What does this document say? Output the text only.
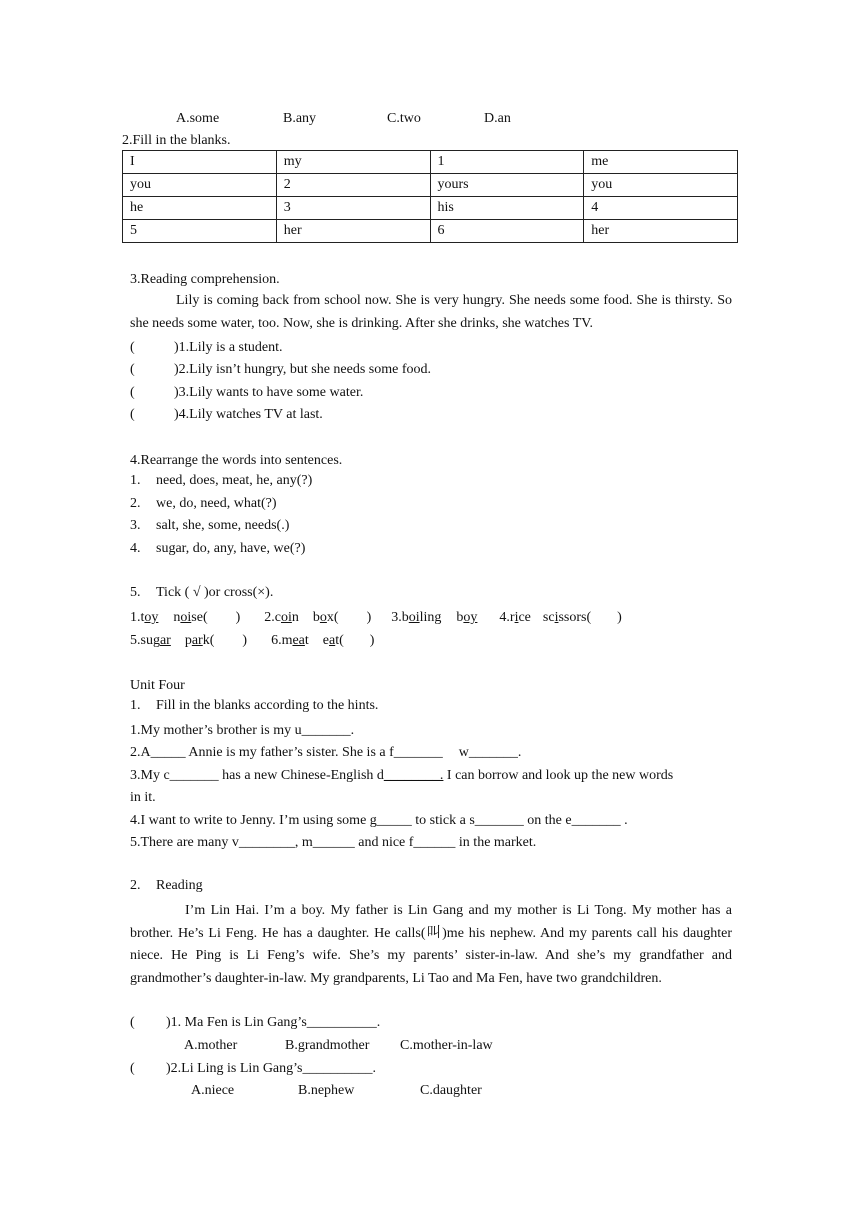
A.some	B.any	C.two	D.an
2.Fill in the blanks.
I	my	1	me
you	2	yours	you
he	3	his	4
5	her	6	her
3.Reading comprehension.
Lily is coming back from school now. She is very hungry. She needs some food. She is thirsty. So she needs some water, too. Now, she is drinking. After she drinks, she watches TV.
(	)1.Lily is a student.
(	)2.Lily isn’t hungry, but she needs some food.
(	)3.Lily wants to have some water.
(	)4.Lily watches TV at last.
4.Rearrange the words into sentences.
1. need, does, meat, he, any(?)
2. we, do, need, what(?)
3. salt, she, some, needs(.)
4. sugar, do, any, have, we(?)
5. Tick ( √ )or cross(×).
1.toy noise( ) 2.coin box( ) 3.boiling boy 4.rice scissors( )
5.sugar park( ) 6.meat eat( )
Unit Four
1. Fill in the blanks according to the hints.
1.My mother’s brother is my u_______.
2.A_____ Annie is my father’s sister. She is a f_______ w_______.
3.My c_______ has a new Chinese-English d________. I can borrow and look up the new words
in it.
4.I want to write to Jenny. I’m using some g_____ to stick a s_______ on the e_______ .
5.There are many v________, m______ and nice f______ in the market.
2. Reading
I’m Lin Hai. I’m a boy. My father is Lin Gang and my mother is Li Tong. My mother has a brother. He’s Li Feng. He has a daughter. He calls(叫)me his nephew. And my parents call his daughter niece. He Ping is Li Feng’s wife. She’s my parents’ sister-in-law. And she’s my grandfather and grandmother’s daughter-in-law. My grandparents, Li Tao and Ma Fen, have two grandchildren.
( )1. Ma Fen is Lin Gang’s__________.
A.mother	B.grandmother C.mother-in-law
( )2.Li Ling is Lin Gang’s__________.
A.niece	B.nephew	C.daughter
